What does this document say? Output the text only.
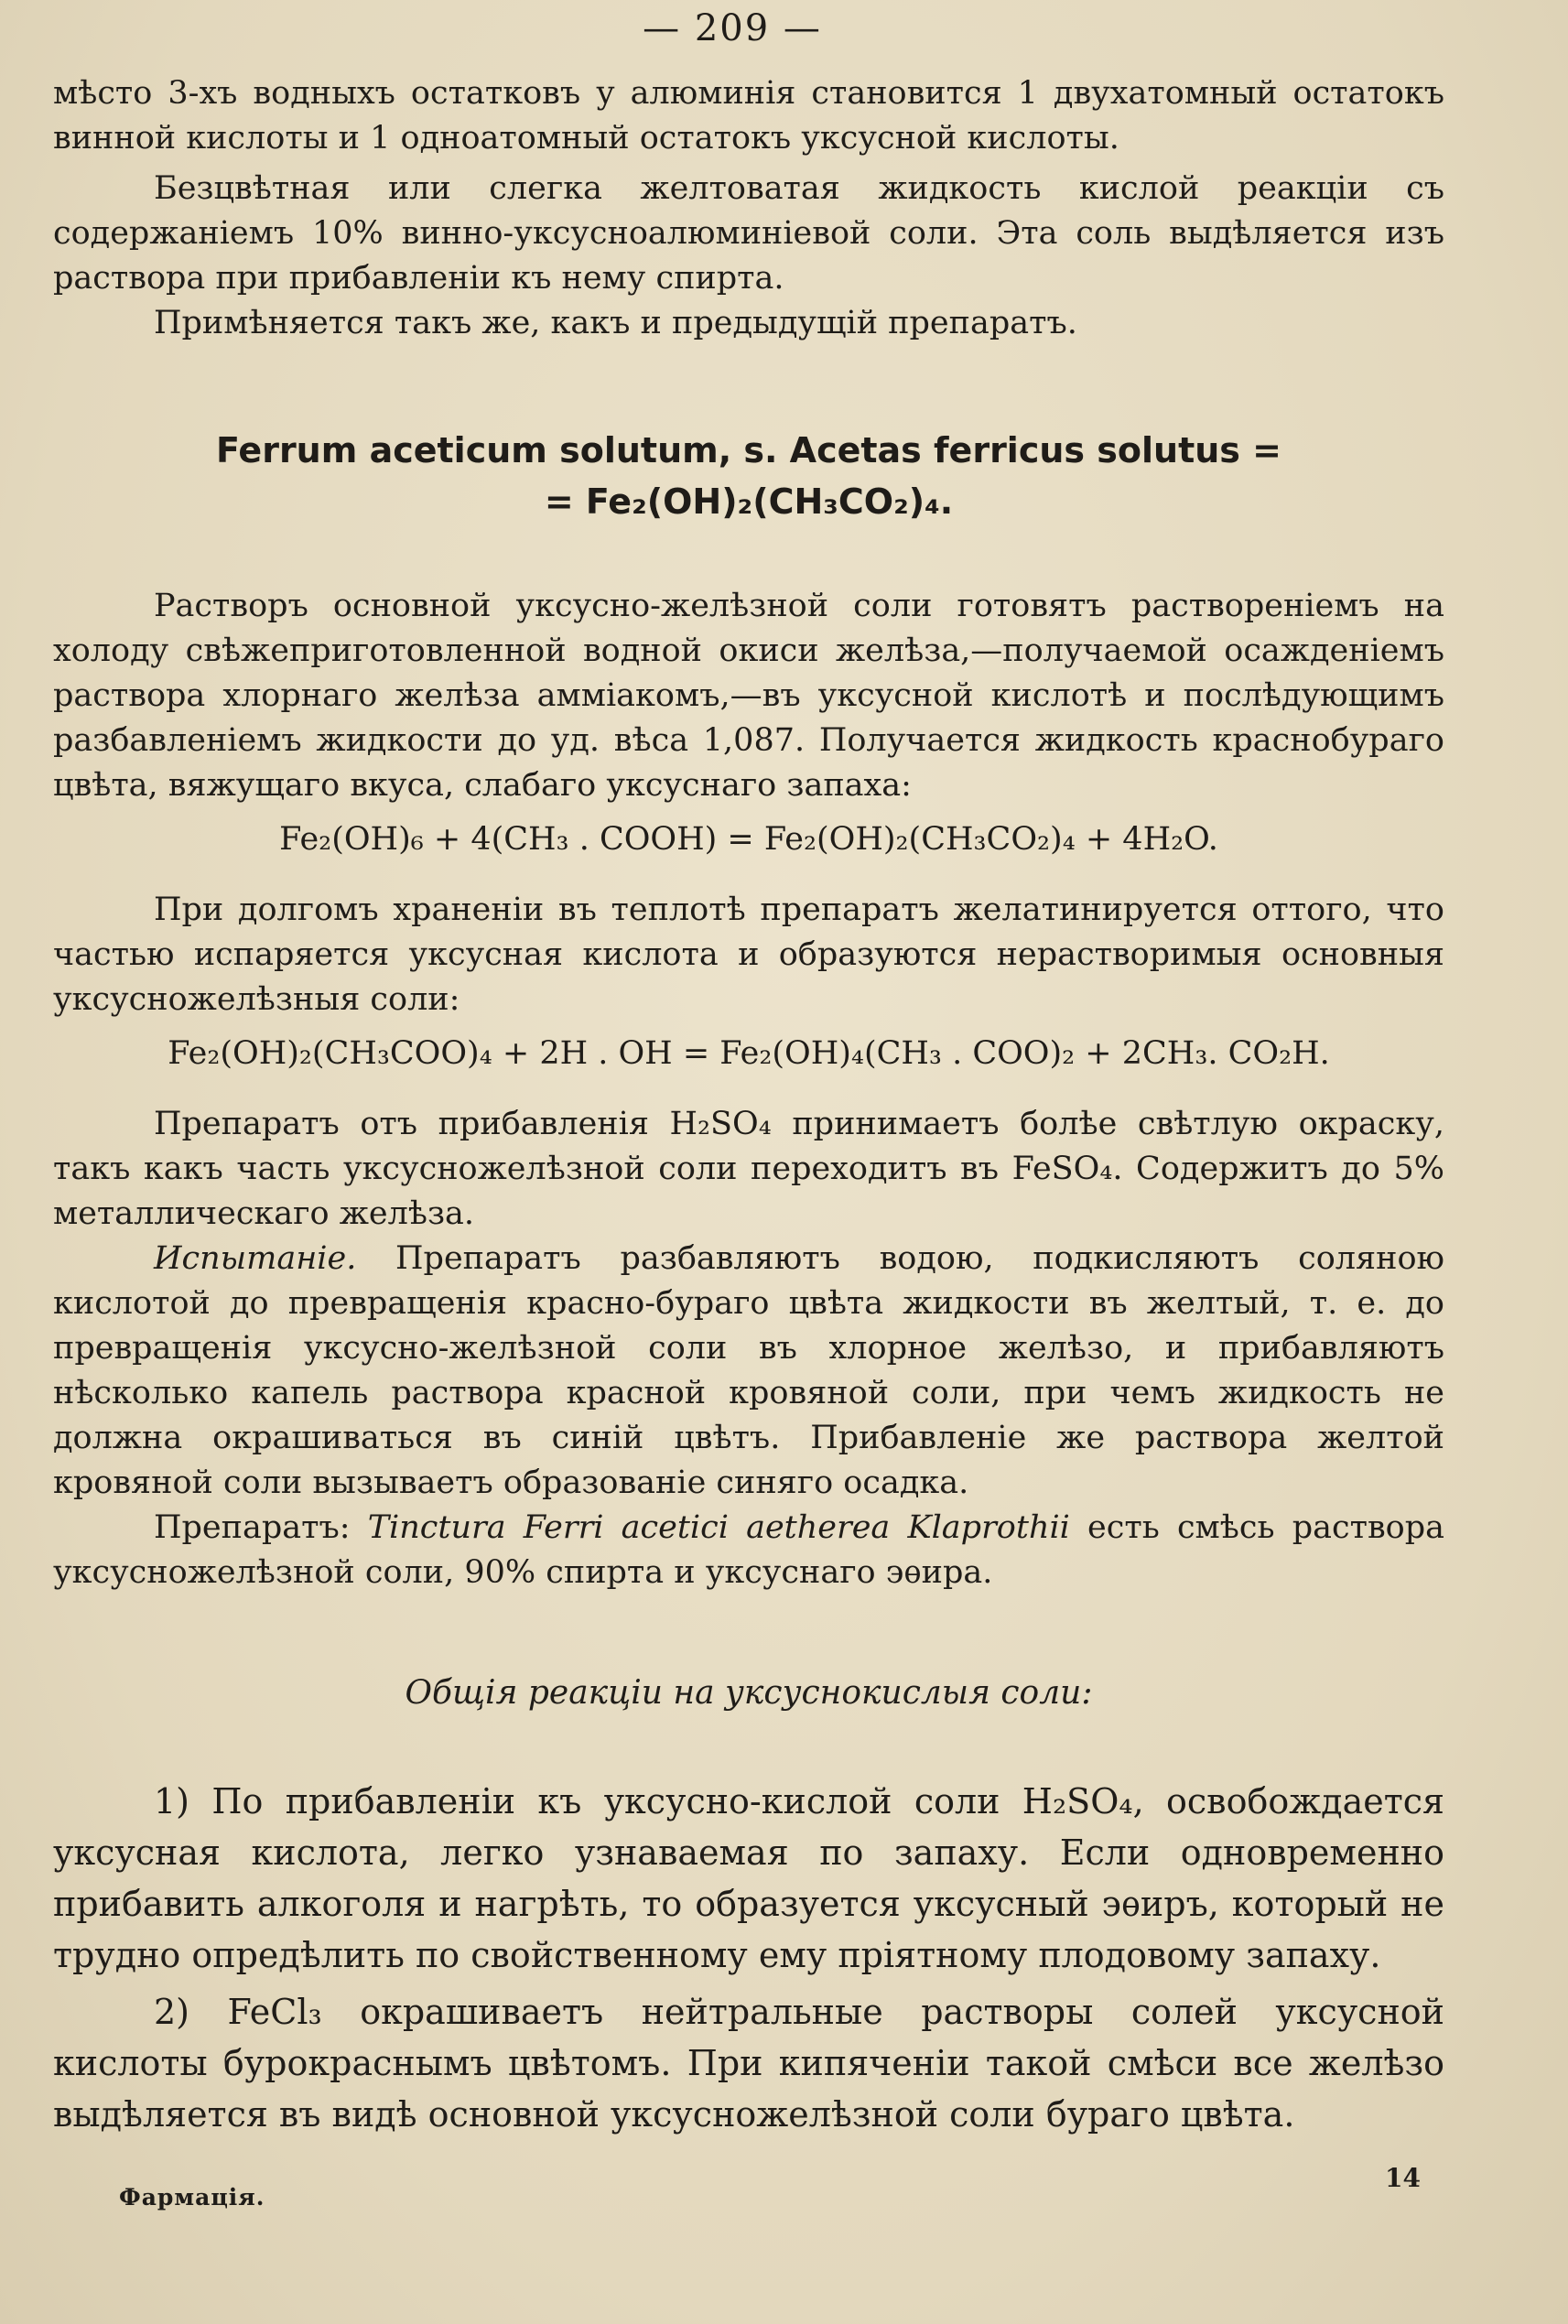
— 209 —

мѣсто 3-хъ водныхъ остатковъ у алюминія становится 1 двухатомный остатокъ винной кислоты и 1 одноатомный остатокъ уксусной кислоты.

Безцвѣтная или слегка желтоватая жидкость кислой реакціи съ содержаніемъ 10% винно-уксусноалюминіевой соли. Эта соль выдѣляется изъ раствора при прибавленіи къ нему спирта.

Примѣняется такъ же, какъ и предыдущій препаратъ.

Ferrum aceticum solutum, s. Acetas ferricus solutus =
= Fe₂(OH)₂(CH₃CO₂)₄.

Растворъ основной уксусно-желѣзной соли готовятъ раствореніемъ на холоду свѣжеприготовленной водной окиси желѣза,—получаемой осажденіемъ раствора хлорнаго желѣза амміакомъ,—въ уксусной кислотѣ и послѣдующимъ разбавленіемъ жидкости до уд. вѣса 1,087. Получается жидкость краснобураго цвѣта, вяжущаго вкуса, слабаго уксуснаго запаха:

Fe₂(OH)₆ + 4(CH₃ . COOH) = Fe₂(OH)₂(CH₃CO₂)₄ + 4H₂O.

При долгомъ храненіи въ теплотѣ препаратъ желатинируется оттого, что частью испаряется уксусная кислота и образуются нерастворимыя основныя уксусножелѣзныя соли:

Fe₂(OH)₂(CH₃COO)₄ + 2H . OH = Fe₂(OH)₄(CH₃ . COO)₂ + 2CH₃. CO₂H.

Препаратъ отъ прибавленія H₂SO₄ принимаетъ болѣе свѣтлую окраску, такъ какъ часть уксусножелѣзной соли переходитъ въ FeSO₄. Содержитъ до 5% металлическаго желѣза.

Испытаніе. Препаратъ разбавляютъ водою, подкисляютъ соляною кислотой до превращенія красно-бураго цвѣта жидкости въ желтый, т. е. до превращенія уксусно-желѣзной соли въ хлорное желѣзо, и прибавляютъ нѣсколько капель раствора красной кровяной соли, при чемъ жидкость не должна окрашиваться въ синій цвѣтъ. Прибавленіе же раствора желтой кровяной соли вызываетъ образованіе синяго осадка.

Препаратъ: Tinctura Ferri acetici aetherea Klaprothii есть смѣсь раствора уксусножелѣзной соли, 90% спирта и уксуснаго эѳира.

Общія реакціи на уксуснокислыя соли:

1) По прибавленіи къ уксусно-кислой соли H₂SO₄, освобождается уксусная кислота, легко узнаваемая по запаху. Если одновременно прибавить алкоголя и нагрѣть, то образуется уксусный эѳиръ, который не трудно опредѣлить по свойственному ему пріятному плодовому запаху.

2) FeCl₃ окрашиваетъ нейтральные растворы солей уксусной кислоты бурокраснымъ цвѣтомъ. При кипяченіи такой смѣси все желѣзо выдѣляется въ видѣ основной уксусножелѣзной соли бураго цвѣта.

Фармація.
14
